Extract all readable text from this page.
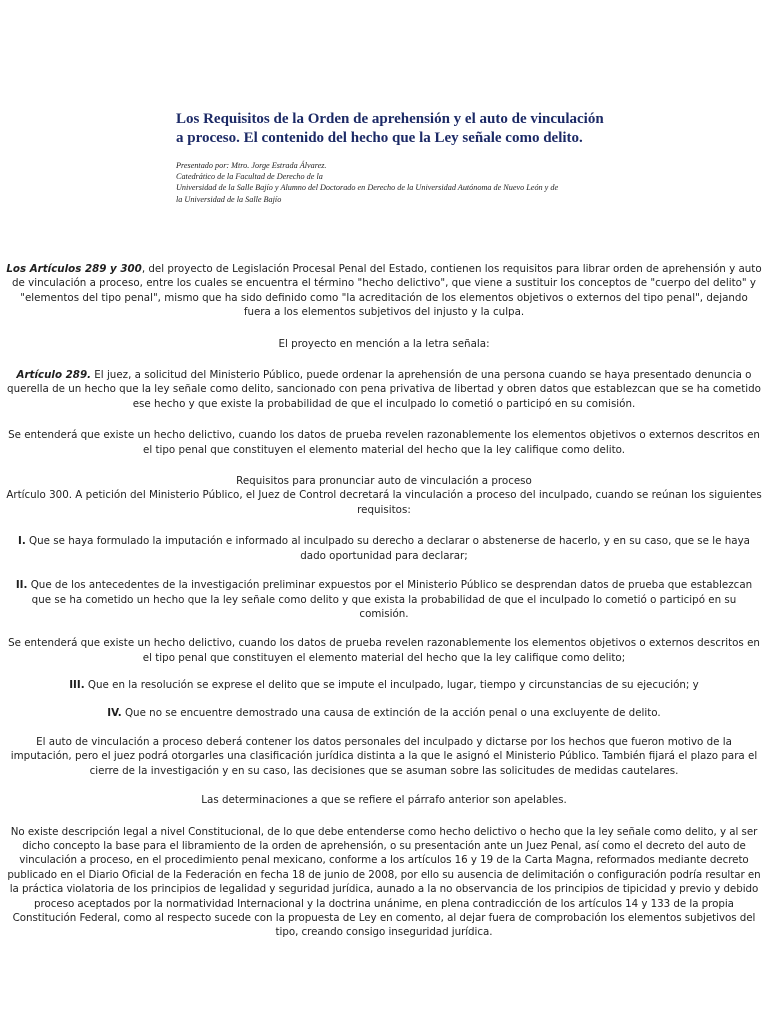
Los Requisitos de la Orden de aprehensión y el auto de vinculación
a proceso. El contenido del hecho que la Ley señale como delito.
Presentado por: Mtro. Jorge Estrada Álvarez.
Catedrático de la Facultad de Derecho de la
Universidad de la Salle Bajío y Alumno del Doctorado en Derecho de la Universidad Autónoma de Nuevo León y de
la Universidad de la Salle Bajío

Los Artículos 289 y 300, del proyecto de Legislación Procesal Penal del Estado, contienen los requisitos para librar orden de aprehensión y auto de vinculación a proceso, entre los cuales se encuentra el término "hecho delictivo", que viene a sustituir los conceptos de "cuerpo del delito" y "elementos del tipo penal", mismo que ha sido definido como "la acreditación de los elementos objetivos o externos del tipo penal", dejando fuera a los elementos subjetivos del injusto y la culpa.

El proyecto en mención a la letra señala:

Artículo 289. El juez, a solicitud del Ministerio Público, puede ordenar la aprehensión de una persona cuando se haya presentado denuncia o querella de un hecho que la ley señale como delito, sancionado con pena privativa de libertad y obren datos que establezcan que se ha cometido ese hecho y que existe la probabilidad de que el inculpado lo cometió o participó en su comisión.

Se entenderá que existe un hecho delictivo, cuando los datos de prueba revelen razonablemente los elementos objetivos o externos descritos en el tipo penal que constituyen el elemento material del hecho que la ley califique como delito.

Requisitos para pronunciar auto de vinculación a proceso

Artículo 300. A petición del Ministerio Público, el Juez de Control decretará la vinculación a proceso del inculpado, cuando se reúnan los siguientes requisitos:

I. Que se haya formulado la imputación e informado al inculpado su derecho a declarar o abstenerse de hacerlo, y en su caso, que se le haya dado oportunidad para declarar;

II. Que de los antecedentes de la investigación preliminar expuestos por el Ministerio Público se desprendan datos de prueba que establezcan que se ha cometido un hecho que la ley señale como delito y que exista la probabilidad de que el inculpado lo cometió o participó en su comisión.

Se entenderá que existe un hecho delictivo, cuando los datos de prueba revelen razonablemente los elementos objetivos o externos descritos en el tipo penal que constituyen el elemento material del hecho que la ley califique como delito;

III. Que en la resolución se exprese el delito que se impute el inculpado, lugar, tiempo y circunstancias de su ejecución; y

IV. Que no se encuentre demostrado una causa de extinción de la acción penal o una excluyente de delito.

El auto de vinculación a proceso deberá contener los datos personales del inculpado y dictarse por los hechos que fueron motivo de la imputación, pero el juez podrá otorgarles una clasificación jurídica distinta a la que le asignó el Ministerio Público. También fijará el plazo para el cierre de la investigación y en su caso, las decisiones que se asuman sobre las solicitudes de medidas cautelares.

Las determinaciones a que se refiere el párrafo anterior son apelables.

No existe descripción legal a nivel Constitucional, de lo que debe entenderse como hecho delictivo o hecho que la ley señale como delito, y al ser dicho concepto la base para el libramiento de la orden de aprehensión, o su presentación ante un Juez Penal, así como el decreto del auto de vinculación a proceso, en el procedimiento penal mexicano, conforme a los artículos 16 y 19 de la Carta Magna, reformados mediante decreto publicado en el Diario Oficial de la Federación en fecha 18 de junio de 2008, por ello su ausencia de delimitación o configuración podría resultar en la práctica violatoria de los principios de legalidad y seguridad jurídica, aunado a la no observancia de los principios de tipicidad y previo y debido proceso aceptados por la normatividad Internacional y la doctrina unánime, en plena contradicción de los artículos 14 y 133 de la propia Constitución Federal, como al respecto sucede con la propuesta de Ley en comento, al dejar fuera de comprobación los elementos subjetivos del tipo, creando consigo inseguridad jurídica.
